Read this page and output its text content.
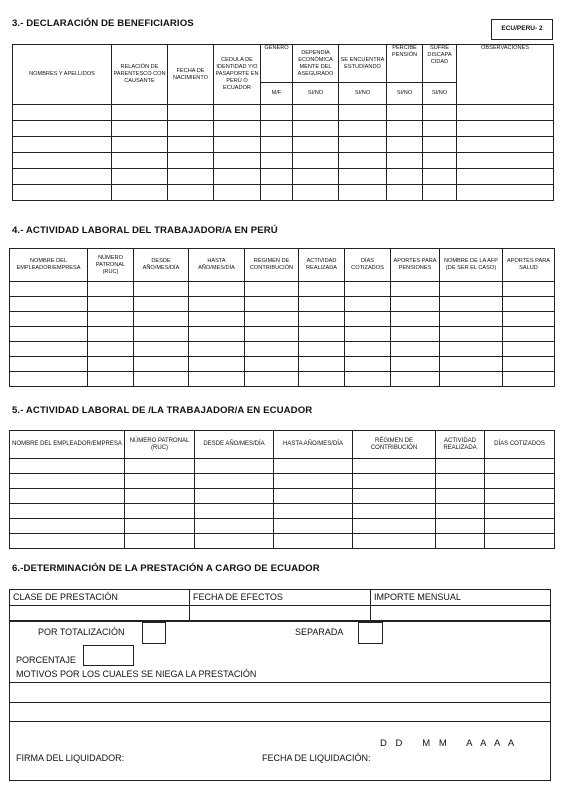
ECU/PERU- 2
3.- DECLARACIÓN DE BENEFICIARIOS
NOMBRES Y APELLIDOS	RELACIÓN DE PARENTESCO CON CAUSANTE	FECHA DE NACIMIENTO	CEDULA DE IDENTIDAD Y/O PASAPORTE EN PERÚ O ECUADOR	GENERO	DEPENDIA ECONÓMICA MENTE DEL ASEGURADO	SE ENCUENTRA ESTUDIANDO	PERCIBE PENSIÓN	SUFRE DISCAPA CIDAD	OBSERVACIONES
				M/F	SI/NO	SI/NO	SI/NO	SI/NO	

4.- ACTIVIDAD LABORAL DEL TRABAJADOR/A EN PERÚ
NOMBRE DEL EMPLEADOR/EMPRESA	NÚMERO PATRONAL (RUC)	DESDE AÑO/MES/DÍA	HASTA AÑO/MES/DÍA	RÉGIMEN DE CONTRIBUCIÓN	ACTIVIDAD REALIZADA	DÍAS COTIZADOS	APORTES PARA PENSIONES	NOMBRE DE LA AFP (DE SER EL CASO)	APORTES PARA SALUD

5.- ACTIVIDAD LABORAL DE /LA TRABAJADOR/A EN ECUADOR
NOMBRE DEL EMPLEADOR/EMPRESA	NÚMERO PATRONAL (RUC)	DESDE AÑO/MES/DÍA	HASTA AÑO/MES/DÍA	RÉGIMEN DE CONTRIBUCIÓN	ACTIVIDAD REALIZADA	DÍAS COTIZADOS

6.-DETERMINACIÓN DE LA PRESTACIÓN A CARGO DE ECUADOR
CLASE DE PRESTACIÓN	FECHA DE EFECTOS	IMPORTE MENSUAL
POR TOTALIZACIÓN	SEPARADA
PORCENTAJE
MOTIVOS POR LOS CUALES SE NIEGA LA PRESTACIÓN
D D   M M   A A A A
FIRMA DEL LIQUIDADOR:	FECHA DE LIQUIDACIÓN:
